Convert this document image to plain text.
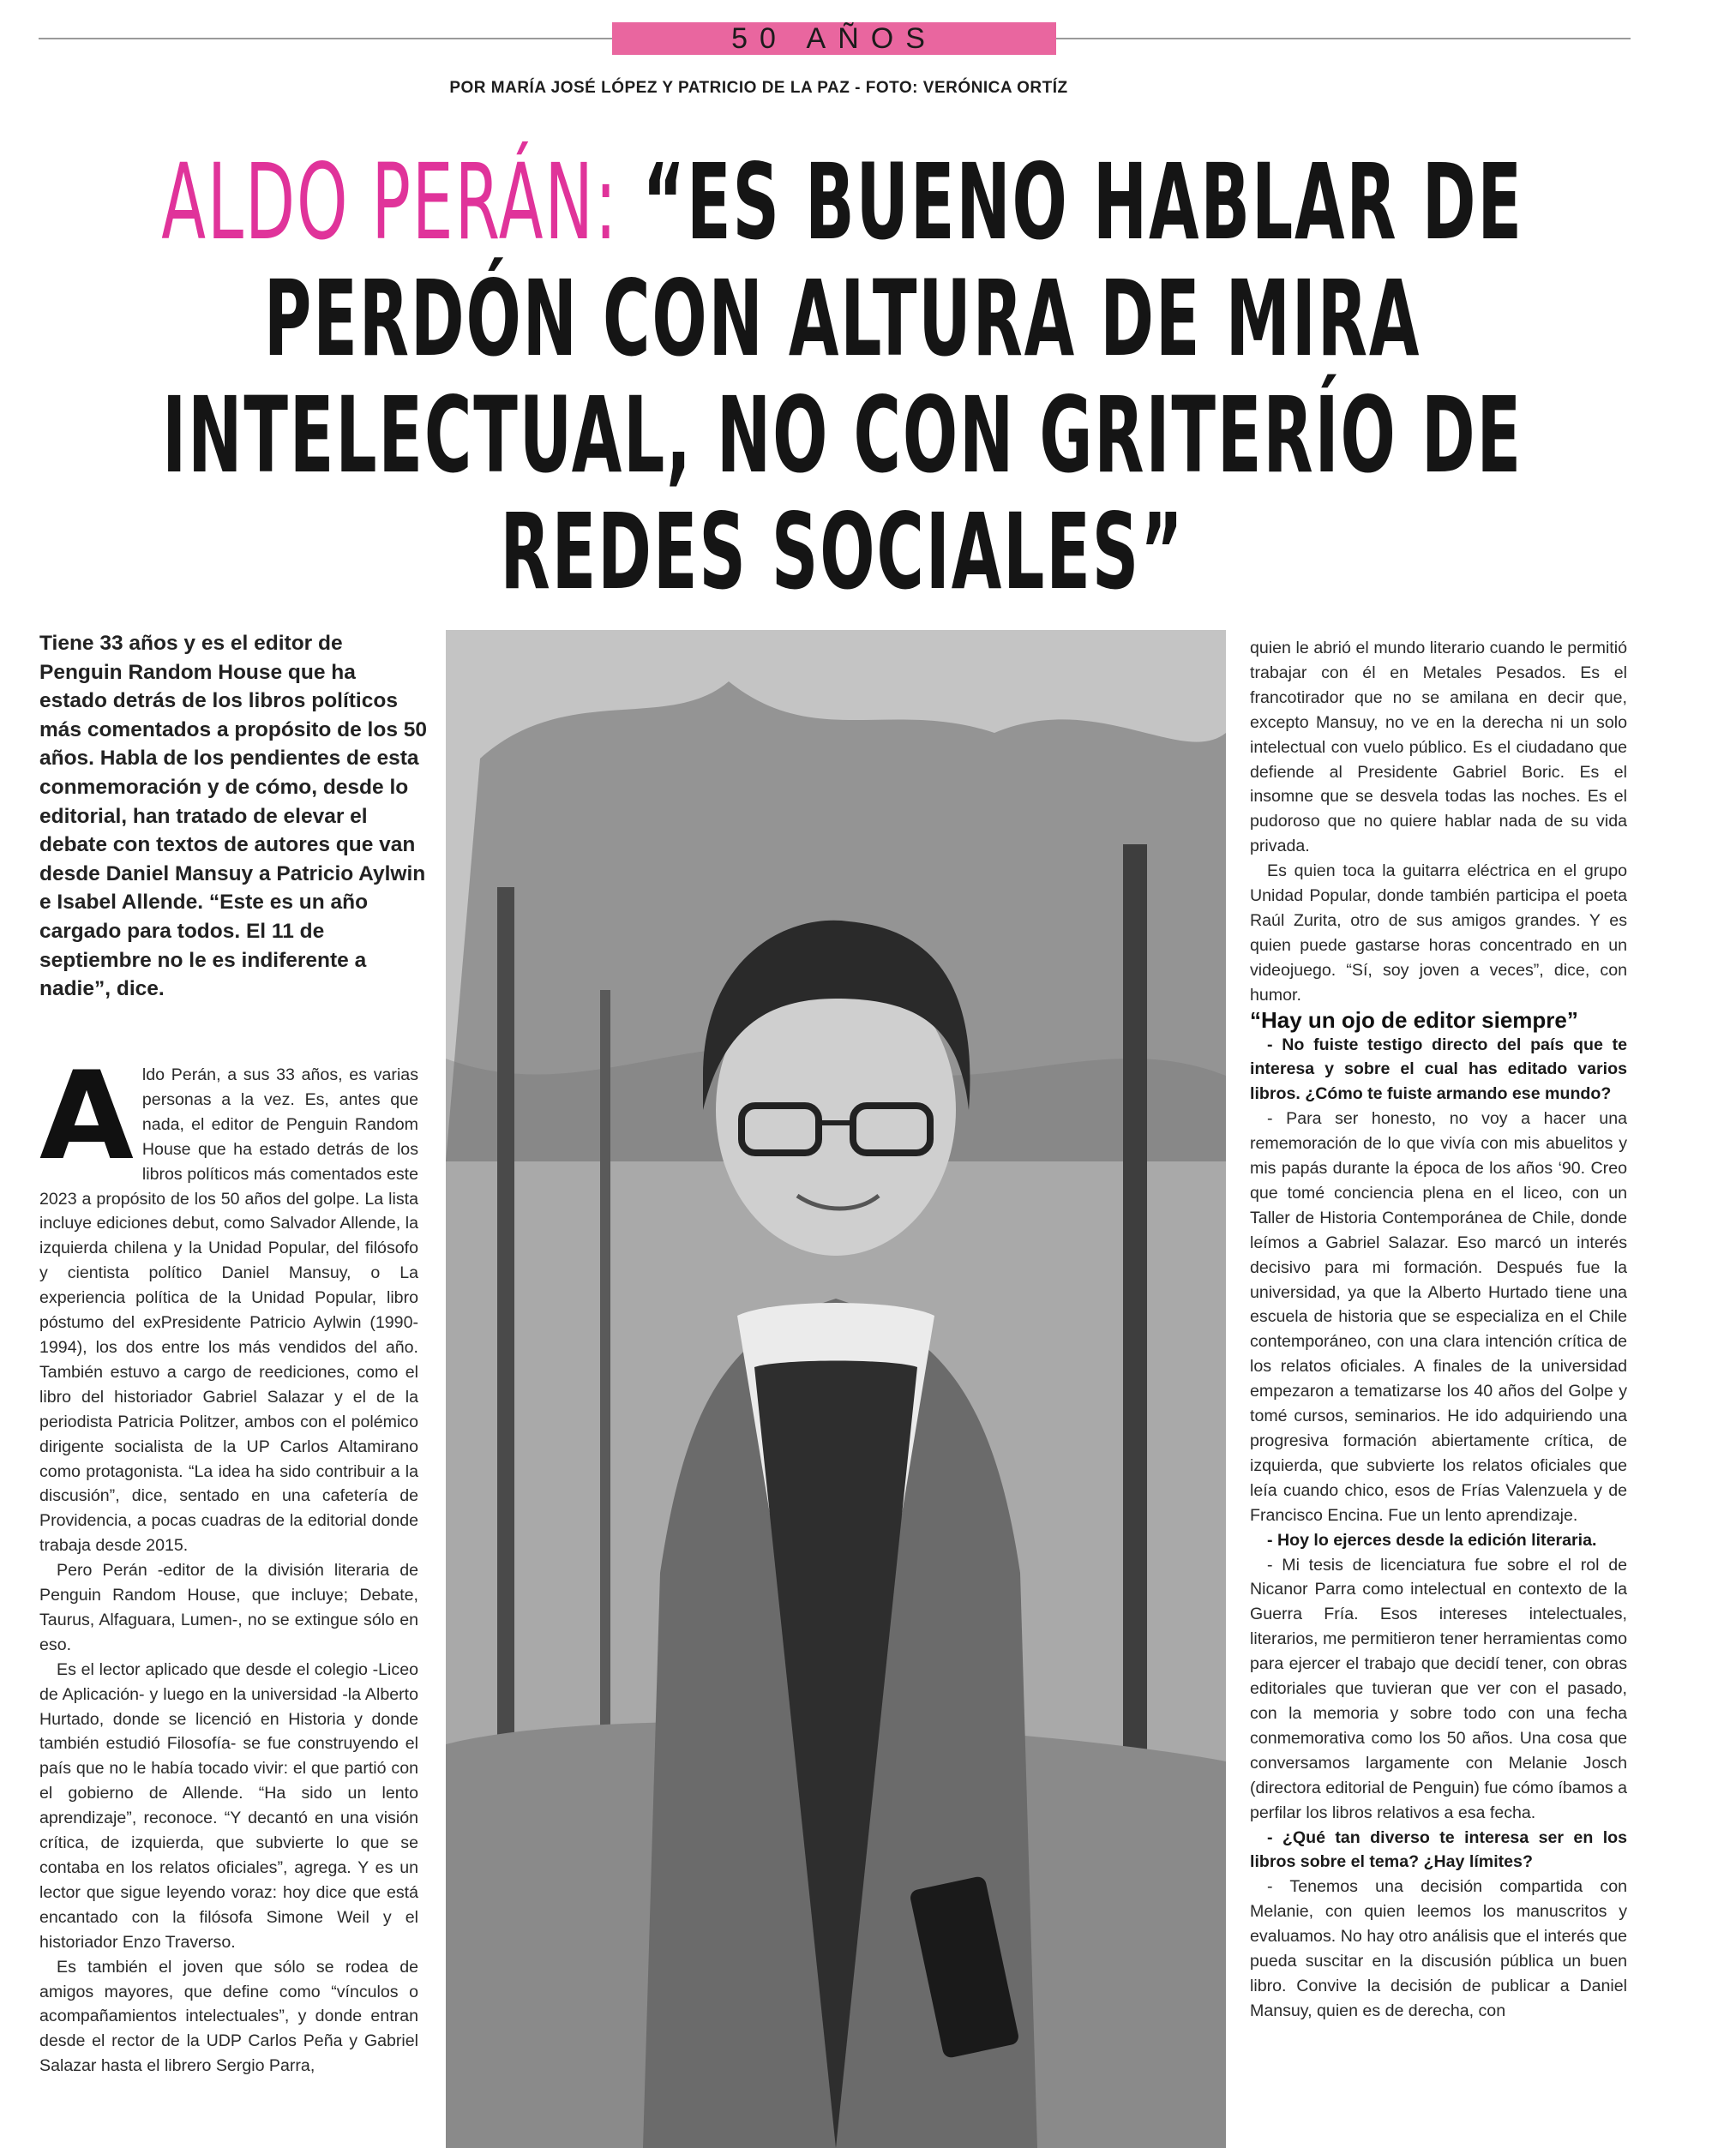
50 AÑOS
POR MARÍA JOSÉ LÓPEZ Y PATRICIO DE LA PAZ - FOTO: VERÓNICA ORTÍZ
ALDO PERÁN: “ES BUENO HABLAR DE PERDÓN CON ALTURA DE MIRA INTELECTUAL, NO CON GRITERÍO DE REDES SOCIALES”

Tiene 33 años y es el editor de Penguin Random House que ha estado detrás de los libros políticos más comentados a propósito de los 50 años. Habla de los pendientes de esta conmemoración y de cómo, desde lo editorial, han tratado de elevar el debate con textos de autores que van desde Daniel Mansuy a Patricio Aylwin e Isabel Allende. “Este es un año cargado para todos. El 11 de septiembre no le es indiferente a nadie”, dice.

Aldo Perán, a sus 33 años, es varias personas a la vez. Es, antes que nada, el editor de Penguin Random House que ha estado detrás de los libros políticos más comentados este 2023 a propósito de los 50 años del golpe. La lista incluye ediciones debut, como Salvador Allende, la izquierda chilena y la Unidad Popular, del filósofo y cientista político Daniel Mansuy, o La experiencia política de la Unidad Popular, libro póstumo del exPresidente Patricio Aylwin (1990-1994), los dos entre los más vendidos del año. También estuvo a cargo de reediciones, como el libro del historiador Gabriel Salazar y el de la periodista Patricia Politzer, ambos con el polémico dirigente socialista de la UP Carlos Altamirano como protagonista. “La idea ha sido contribuir a la discusión”, dice, sentado en una cafetería de Providencia, a pocas cuadras de la editorial donde trabaja desde 2015.

Pero Perán -editor de la división literaria de Penguin Random House, que incluye; Debate, Taurus, Alfaguara, Lumen-, no se extingue sólo en eso.

Es el lector aplicado que desde el colegio -Liceo de Aplicación- y luego en la universidad -la Alberto Hurtado, donde se licenció en Historia y donde también estudió Filosofía- se fue construyendo el país que no le había tocado vivir: el que partió con el gobierno de Allende. “Ha sido un lento aprendizaje”, reconoce. “Y decantó en una visión crítica, de izquierda, que subvierte lo que se contaba en los relatos oficiales”, agrega. Y es un lector que sigue leyendo voraz: hoy dice que está encantado con la filósofa Simone Weil y el historiador Enzo Traverso.

Es también el joven que sólo se rodea de amigos mayores, que define como “vínculos o acompañamientos intelectuales”, y donde entran desde el rector de la UDP Carlos Peña y Gabriel Salazar hasta el librero Sergio Parra,

quien le abrió el mundo literario cuando le permitió trabajar con él en Metales Pesados. Es el francotirador que no se amilana en decir que, excepto Mansuy, no ve en la derecha ni un solo intelectual con vuelo público. Es el ciudadano que defiende al Presidente Gabriel Boric. Es el insomne que se desvela todas las noches. Es el pudoroso que no quiere hablar nada de su vida privada.

Es quien toca la guitarra eléctrica en el grupo Unidad Popular, donde también participa el poeta Raúl Zurita, otro de sus amigos grandes. Y es quien puede gastarse horas concentrado en un videojuego. “Sí, soy joven a veces”, dice, con humor.

“Hay un ojo de editor siempre”

- No fuiste testigo directo del país que te interesa y sobre el cual has editado varios libros. ¿Cómo te fuiste armando ese mundo?

- Para ser honesto, no voy a hacer una rememoración de lo que vivía con mis abuelitos y mis papás durante la época de los años ‘90. Creo que tomé conciencia plena en el liceo, con un Taller de Historia Contemporánea de Chile, donde leímos a Gabriel Salazar. Eso marcó un interés decisivo para mi formación. Después fue la universidad, ya que la Alberto Hurtado tiene una escuela de historia que se especializa en el Chile contemporáneo, con una clara intención crítica de los relatos oficiales. A finales de la universidad empezaron a tematizarse los 40 años del Golpe y tomé cursos, seminarios. He ido adquiriendo una progresiva formación abiertamente crítica, de izquierda, que subvierte los relatos oficiales que leía cuando chico, esos de Frías Valenzuela y de Francisco Encina. Fue un lento aprendizaje.

- Hoy lo ejerces desde la edición literaria.

- Mi tesis de licenciatura fue sobre el rol de Nicanor Parra como intelectual en contexto de la Guerra Fría. Esos intereses intelectuales, literarios, me permitieron tener herramientas como para ejercer el trabajo que decidí tener, con obras editoriales que tuvieran que ver con el pasado, con la memoria y sobre todo con una fecha conmemorativa como los 50 años. Una cosa que conversamos largamente con Melanie Josch (directora editorial de Penguin) fue cómo íbamos a perfilar los libros relativos a esa fecha.

- ¿Qué tan diverso te interesa ser en los libros sobre el tema? ¿Hay límites?

- Tenemos una decisión compartida con Melanie, con quien leemos los manuscritos y evaluamos. No hay otro análisis que el interés que pueda suscitar en la discusión pública un buen libro. Convive la decisión de publicar a Daniel Mansuy, quien es de derecha, con
